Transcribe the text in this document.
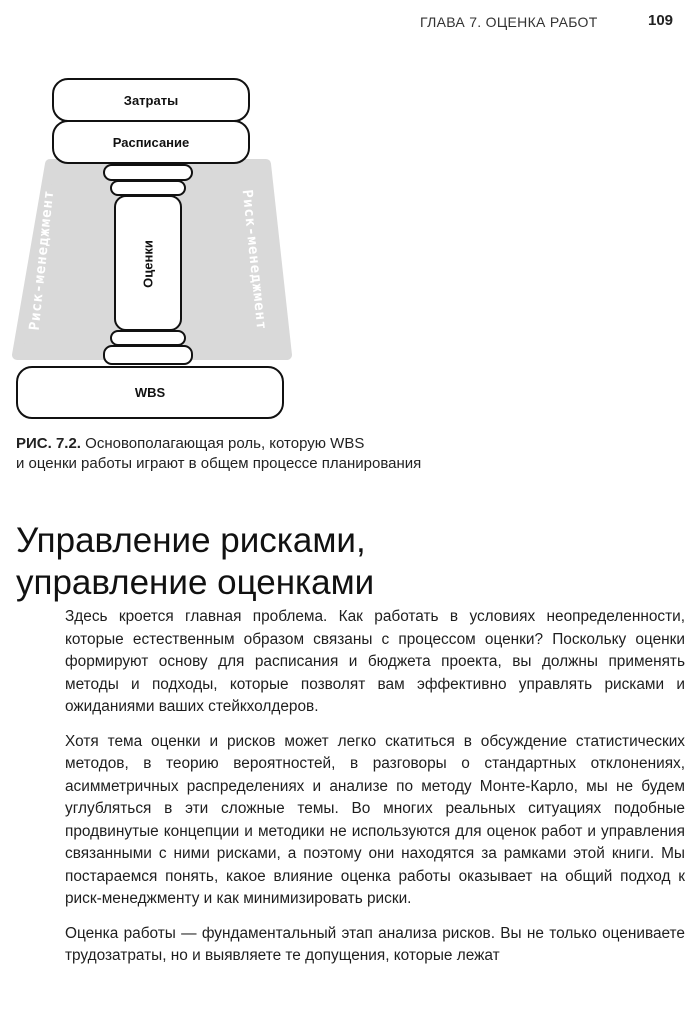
ГЛАВА 7. ОЦЕНКА РАБОТ	109
Риск-менеджмент	Риск-менеджмент
Затраты
Расписание
Оценки
WBS
РИС. 7.2. Основополагающая роль, которую WBS
и оценки работы играют в общем процессе планирования
Управление рисками,
управление оценками

Здесь кроется главная проблема. Как работать в условиях неопределенности, которые естественным образом связаны с процессом оценки? Поскольку оценки формируют основу для расписания и бюджета проекта, вы должны применять методы и подходы, которые позволят вам эффективно управлять рисками и ожиданиями ваших стейкхолдеров.

Хотя тема оценки и рисков может легко скатиться в обсуждение статистических методов, в теорию вероятностей, в разговоры о стандартных отклонениях, асимметричных распределениях и анализе по методу Монте-Карло, мы не будем углубляться в эти сложные темы. Во многих реальных ситуациях подобные продвинутые концепции и методики не используются для оценок работ и управления связанными с ними рисками, а поэтому они находятся за рамками этой книги. Мы постараемся понять, какое влияние оценка работы оказывает на общий подход к риск-менеджменту и как минимизировать риски.

Оценка работы — фундаментальный этап анализа рисков. Вы не только оцениваете трудозатраты, но и выявляете те допущения, которые лежат
